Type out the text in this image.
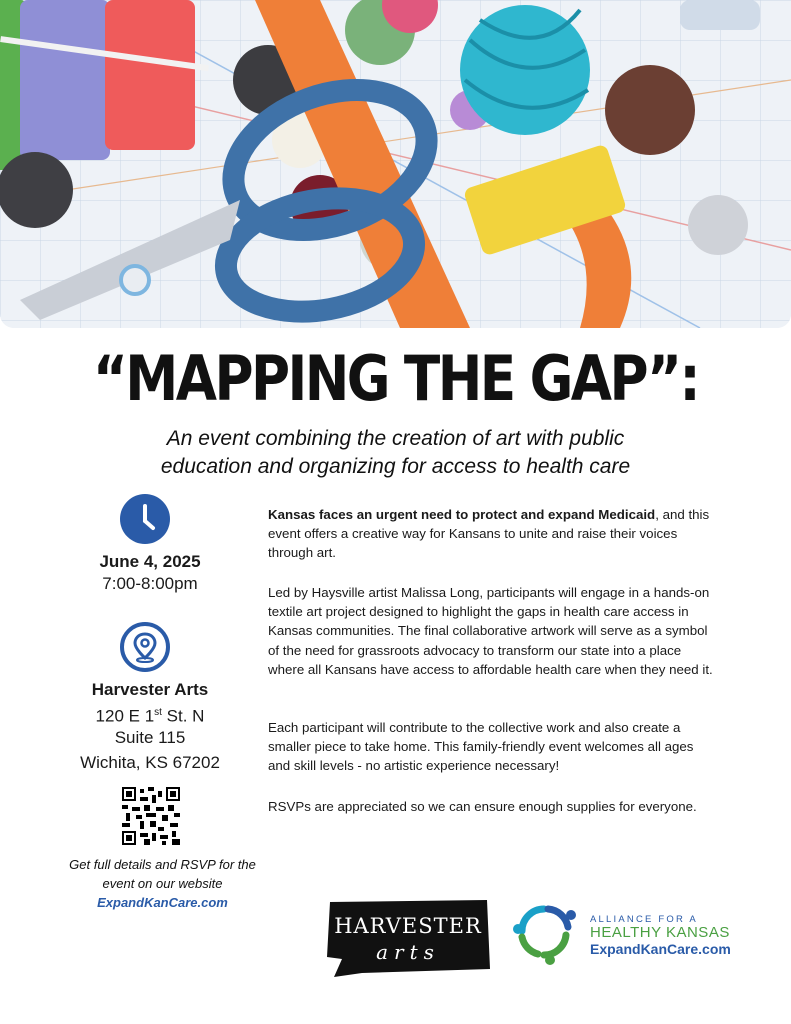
“MAPPING THE GAP”:
An event combining the creation of art with public
education and organizing for access to health care
June 4, 2025
7:00-8:00pm
Harvester Arts
120 E 1st St. N
Suite 115
Wichita, KS 67202
Get full details and RSVP for the
event on our website
ExpandKanCare.com
Kansas faces an urgent need to protect and expand Medicaid, and this event offers a creative way for Kansans to unite and raise their voices through art.
Led by Haysville artist Malissa Long, participants will engage in a hands-on textile art project designed to highlight the gaps in health care access in Kansas communities. The final collaborative artwork will serve as a symbol of the need for grassroots advocacy to transform our state into a place where all Kansans have access to affordable health care when they need it.
Each participant will contribute to the collective work and also create a smaller piece to take home. This family-friendly event welcomes all ages and skill levels - no artistic experience necessary!
RSVPs are appreciated so we can ensure enough supplies for everyone.
HARVESTER
arts
ALLIANCE FOR A
HEALTHY KANSAS
ExpandKanCare.com
